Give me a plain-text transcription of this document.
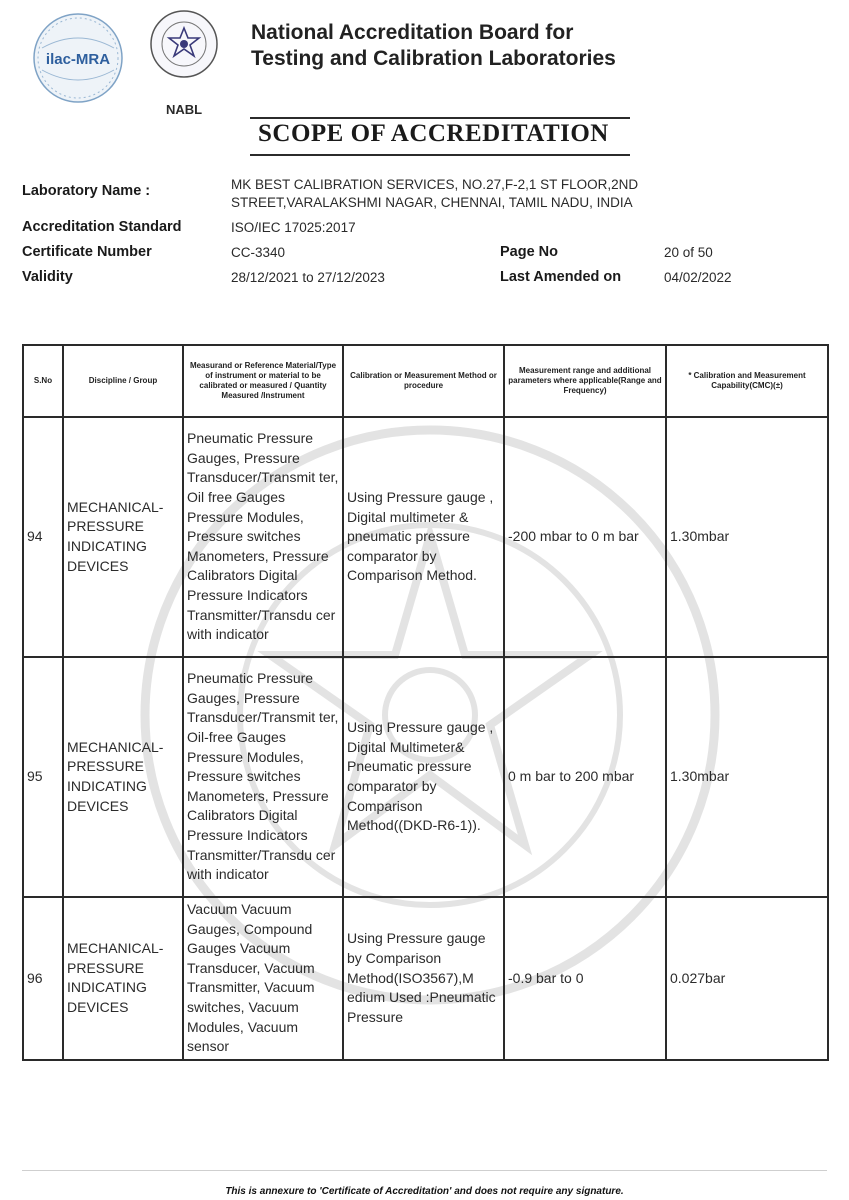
ilac-MRA
NABL
National Accreditation Board for
Testing and Calibration Laboratories
SCOPE OF ACCREDITATION
Laboratory Name :	MK BEST CALIBRATION SERVICES, NO.27,F-2,1 ST FLOOR,2ND
STREET,VARALAKSHMI NAGAR, CHENNAI, TAMIL NADU, INDIA
Accreditation Standard	ISO/IEC 17025:2017
Certificate Number	CC-3340	Page No	20 of 50
Validity	28/12/2021 to 27/12/2023	Last Amended on	04/02/2022
S.No	Discipline / Group	Measurand or Reference Material/Type of instrument or material to be calibrated or measured / Quantity Measured /Instrument	Calibration or Measurement Method or procedure	Measurement range and additional parameters where applicable(Range and Frequency)	* Calibration and Measurement Capability(CMC)(±)
94	MECHANICAL- PRESSURE INDICATING DEVICES	Pneumatic Pressure Gauges, Pressure Transducer/Transmit ter, Oil free Gauges Pressure Modules, Pressure switches Manometers, Pressure Calibrators Digital Pressure Indicators Transmitter/Transdu cer with indicator	Using Pressure gauge , Digital multimeter & pneumatic pressure comparator by Comparison Method.	-200 mbar to 0 m bar	1.30mbar
95	MECHANICAL- PRESSURE INDICATING DEVICES	Pneumatic Pressure Gauges, Pressure Transducer/Transmit ter, Oil-free Gauges Pressure Modules, Pressure switches Manometers, Pressure Calibrators Digital Pressure Indicators Transmitter/Transdu cer with indicator	Using Pressure gauge , Digital Multimeter& Pneumatic pressure comparator by Comparison Method((DKD-R6-1)).	0 m bar to 200 mbar	1.30mbar
96	MECHANICAL- PRESSURE INDICATING DEVICES	Vacuum Vacuum Gauges, Compound Gauges Vacuum Transducer, Vacuum Transmitter, Vacuum switches, Vacuum Modules, Vacuum sensor	Using Pressure gauge by Comparison Method(ISO3567),M edium Used :Pneumatic Pressure	-0.9 bar to 0	0.027bar
This is annexure to 'Certificate of Accreditation' and does not require any signature.
